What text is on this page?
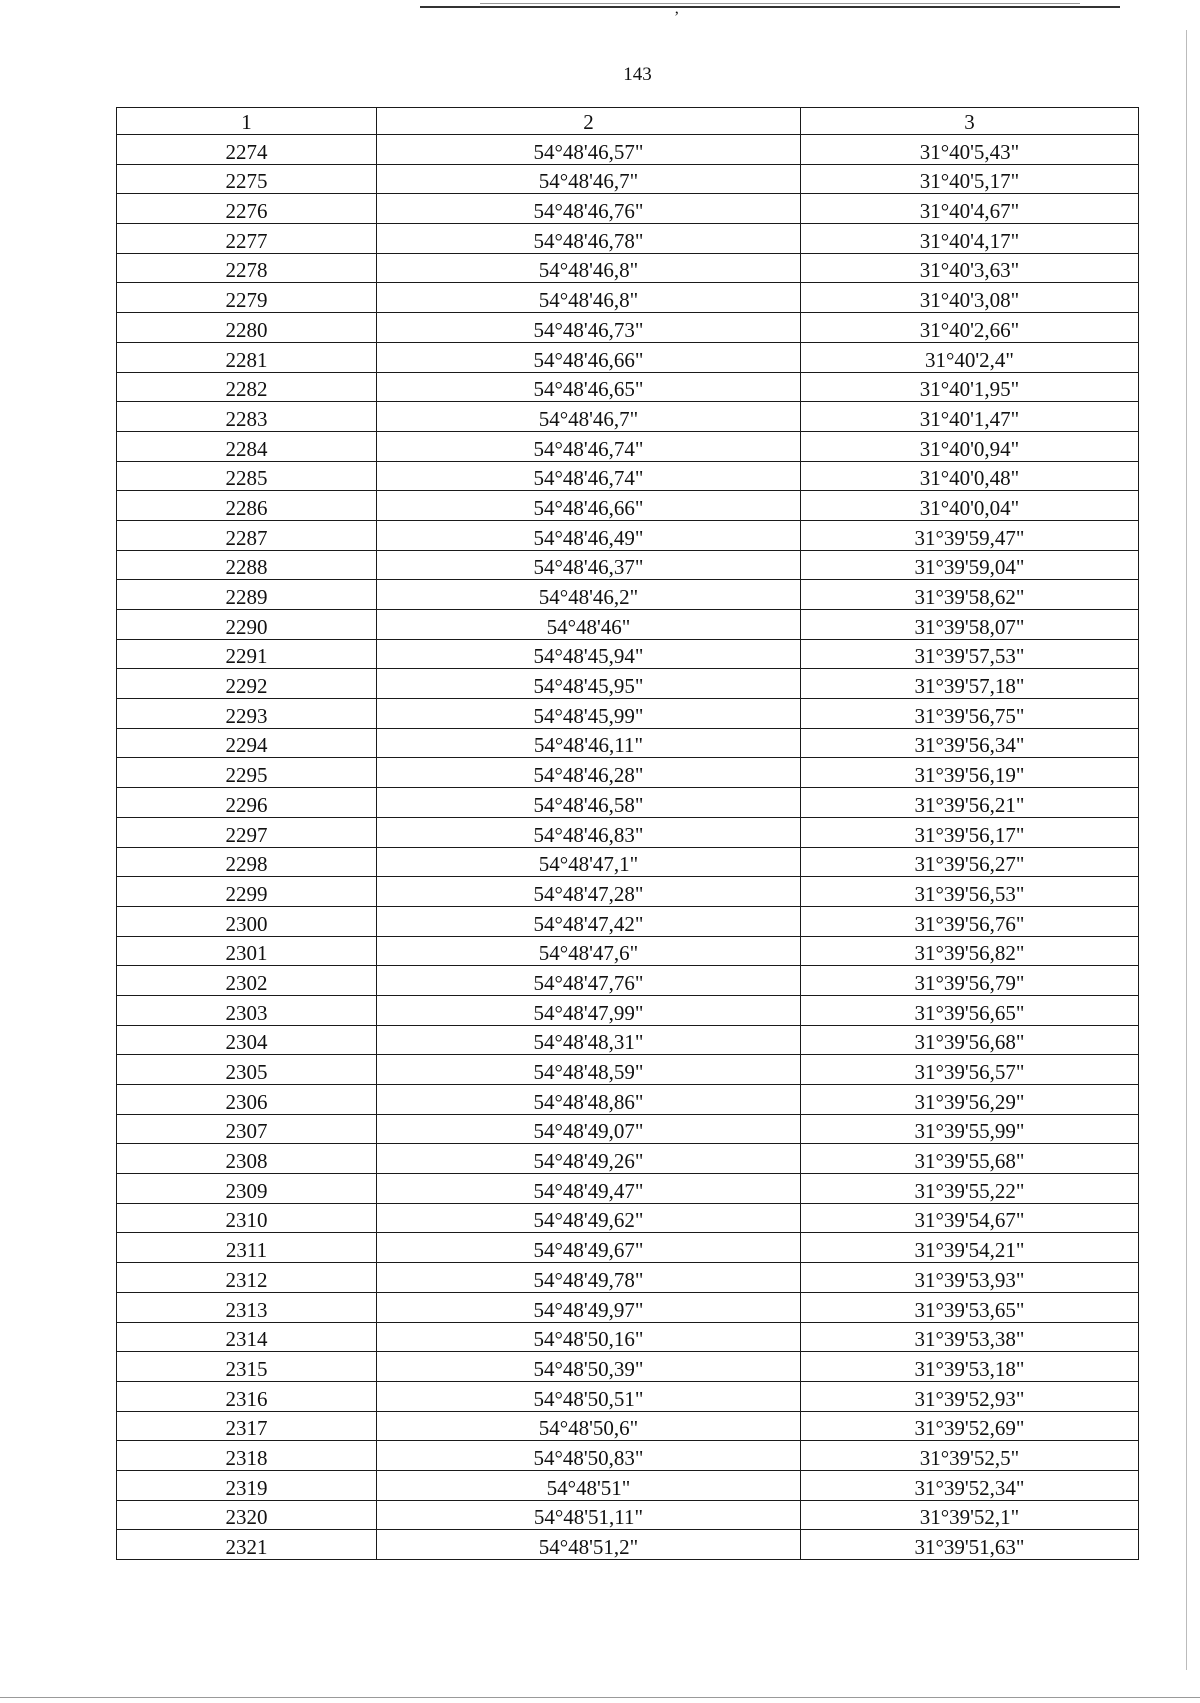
’
143
1	2	3
2274	54°48'46,57"	31°40'5,43"
2275	54°48'46,7"	31°40'5,17"
2276	54°48'46,76"	31°40'4,67"
2277	54°48'46,78"	31°40'4,17"
2278	54°48'46,8"	31°40'3,63"
2279	54°48'46,8"	31°40'3,08"
2280	54°48'46,73"	31°40'2,66"
2281	54°48'46,66"	31°40'2,4"
2282	54°48'46,65"	31°40'1,95"
2283	54°48'46,7"	31°40'1,47"
2284	54°48'46,74"	31°40'0,94"
2285	54°48'46,74"	31°40'0,48"
2286	54°48'46,66"	31°40'0,04"
2287	54°48'46,49"	31°39'59,47"
2288	54°48'46,37"	31°39'59,04"
2289	54°48'46,2"	31°39'58,62"
2290	54°48'46"	31°39'58,07"
2291	54°48'45,94"	31°39'57,53"
2292	54°48'45,95"	31°39'57,18"
2293	54°48'45,99"	31°39'56,75"
2294	54°48'46,11"	31°39'56,34"
2295	54°48'46,28"	31°39'56,19"
2296	54°48'46,58"	31°39'56,21"
2297	54°48'46,83"	31°39'56,17"
2298	54°48'47,1"	31°39'56,27"
2299	54°48'47,28"	31°39'56,53"
2300	54°48'47,42"	31°39'56,76"
2301	54°48'47,6"	31°39'56,82"
2302	54°48'47,76"	31°39'56,79"
2303	54°48'47,99"	31°39'56,65"
2304	54°48'48,31"	31°39'56,68"
2305	54°48'48,59"	31°39'56,57"
2306	54°48'48,86"	31°39'56,29"
2307	54°48'49,07"	31°39'55,99"
2308	54°48'49,26"	31°39'55,68"
2309	54°48'49,47"	31°39'55,22"
2310	54°48'49,62"	31°39'54,67"
2311	54°48'49,67"	31°39'54,21"
2312	54°48'49,78"	31°39'53,93"
2313	54°48'49,97"	31°39'53,65"
2314	54°48'50,16"	31°39'53,38"
2315	54°48'50,39"	31°39'53,18"
2316	54°48'50,51"	31°39'52,93"
2317	54°48'50,6"	31°39'52,69"
2318	54°48'50,83"	31°39'52,5"
2319	54°48'51"	31°39'52,34"
2320	54°48'51,11"	31°39'52,1"
2321	54°48'51,2"	31°39'51,63"
